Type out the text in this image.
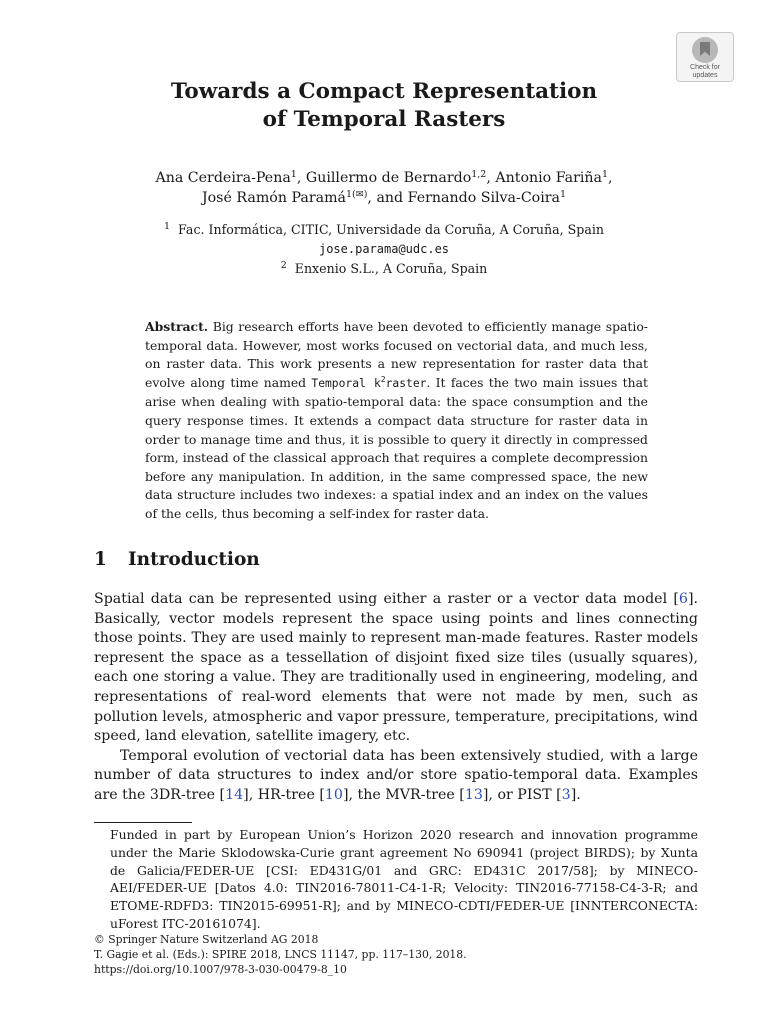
Check for
updates
Towards a Compact Representation
of Temporal Rasters
Ana Cerdeira-Pena$^1$, Guillermo de Bernardo$^{1,2}$, Antonio Fariña$^1$,
José Ramón Paramá$^{1(✉)}$, and Fernando Silva-Coira$^1$
$^1$ Fac. Informática, CITIC, Universidade da Coruña, A Coruña, Spain
jose.parama@udc.es
$^2$ Enxenio S.L., A Coruña, Spain
Abstract. Big research efforts have been devoted to efficiently manage spatio-temporal data. However, most works focused on vectorial data, and much less, on raster data. This work presents a new representation for raster data that evolve along time named Temporal $k^2raster$. It faces the two main issues that arise when dealing with spatio-temporal data: the space consumption and the query response times. It extends a compact data structure for raster data in order to manage time and thus, it is possible to query it directly in compressed form, instead of the classical approach that requires a complete decompression before any manipulation. In addition, in the same compressed space, the new data structure includes two indexes: a spatial index and an index on the values of the cells, thus becoming a self-index for raster data.
1 Introduction

Spatial data can be represented using either a raster or a vector data model [6]. Basically, vector models represent the space using points and lines connecting those points. They are used mainly to represent man-made features. Raster models represent the space as a tessellation of disjoint fixed size tiles (usually squares), each one storing a value. They are traditionally used in engineering, modeling, and representations of real-word elements that were not made by men, such as pollution levels, atmospheric and vapor pressure, temperature, precipitations, wind speed, land elevation, satellite imagery, etc.

Temporal evolution of vectorial data has been extensively studied, with a large number of data structures to index and/or store spatio-temporal data. Examples are the 3DR-tree [14], HR-tree [10], the MVR-tree [13], or PIST [3].

Funded in part by European Union’s Horizon 2020 research and innovation programme under the Marie Sklodowska-Curie grant agreement No 690941 (project BIRDS); by Xunta de Galicia/FEDER-UE [CSI: ED431G/01 and GRC: ED431C 2017/58]; by MINECO-AEI/FEDER-UE [Datos 4.0: TIN2016-78011-C4-1-R; Velocity: TIN2016-77158-C4-3-R; and ETOME-RDFD3: TIN2015-69951-R]; and by MINECO-CDTI/FEDER-UE [INNTERCONECTA: uForest ITC-20161074].
© Springer Nature Switzerland AG 2018
T. Gagie et al. (Eds.): SPIRE 2018, LNCS 11147, pp. 117–130, 2018.
https://doi.org/10.1007/978-3-030-00479-8_10
